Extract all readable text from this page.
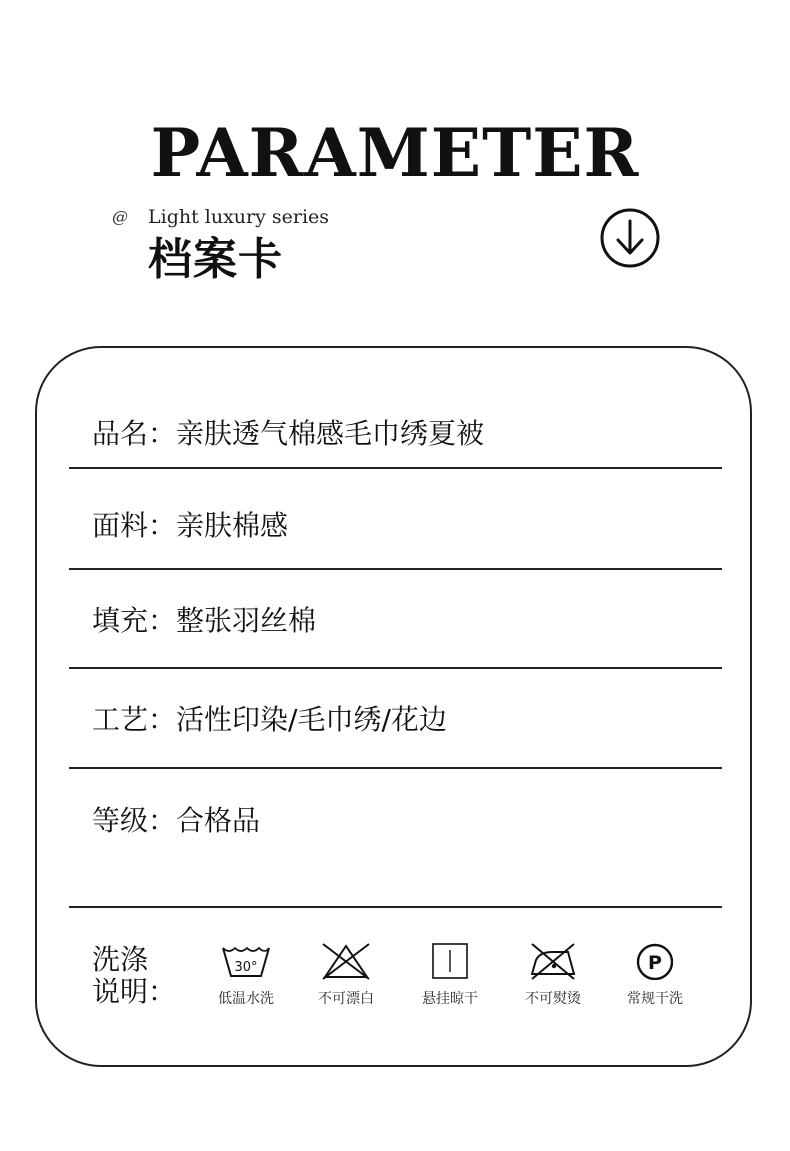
PARAMETER
@ Light luxury series
档案卡
品名：亲肤透气棉感毛巾绣夏被
面料：亲肤棉感
填充：整张羽丝棉
工艺：活性印染/毛巾绣/花边
等级：合格品
洗涤
说明：
30°
低温水洗	不可漂白	悬挂晾干	不可熨烫
P
常规干洗
